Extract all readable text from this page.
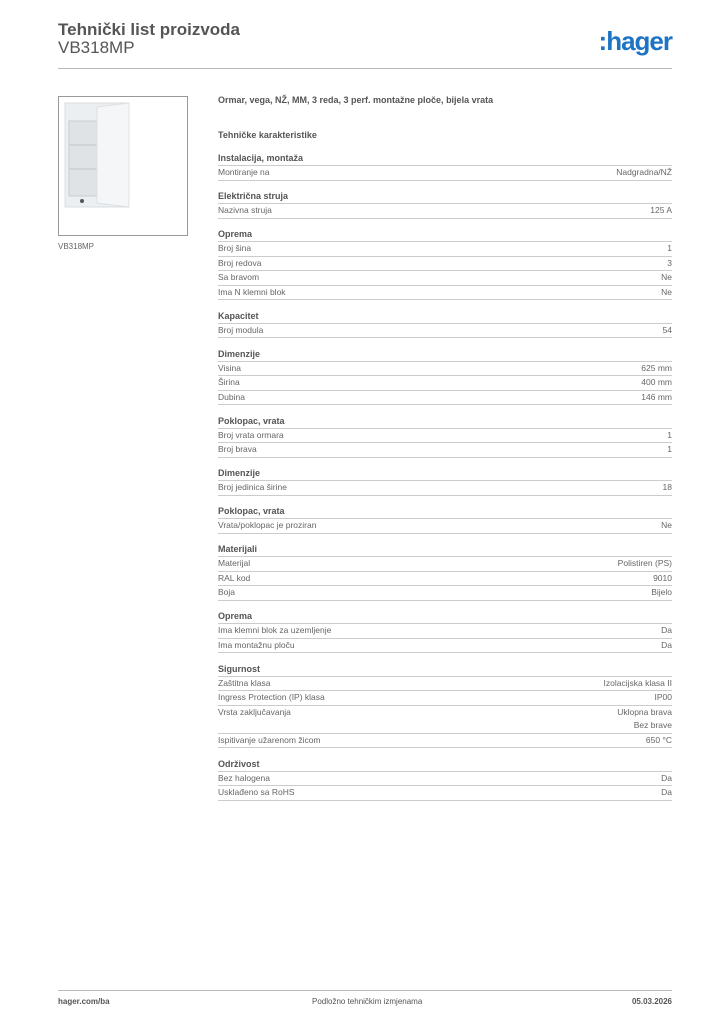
Tehnički list proizvoda
VB318MP	:hager
VB318MP
Ormar, vega, NŽ, MM, 3 reda, 3 perf. montažne ploče, bijela vrata
Tehničke karakteristike
Instalacija, montaža
Montiranje na	Nadgradna/NŽ
Električna struja
Nazivna struja	125 A
Oprema
Broj šina	1
Broj redova	3
Sa bravom	Ne
Ima N klemni blok	Ne
Kapacitet
Broj modula	54
Dimenzije
Visina	625 mm
Širina	400 mm
Dubina	146 mm
Poklopac, vrata
Broj vrata ormara	1
Broj brava	1
Dimenzije
Broj jedinica širine	18
Poklopac, vrata
Vrata/poklopac je proziran	Ne
Materijali
Materijal	Polistiren (PS)
RAL kod	9010
Boja	Bijelo
Oprema
Ima klemni blok za uzemljenje	Da
Ima montažnu ploču	Da
Sigurnost
Zaštitna klasa	Izolacijska klasa II
Ingress Protection (IP) klasa	IP00
Vrsta zaključavanja	Uklopna brava
Bez brave
Ispitivanje užarenom žicom	650 °C
Održivost
Bez halogena	Da
Usklađeno sa RoHS	Da
hager.com/ba	Podložno tehničkim izmjenama	05.03.2026
